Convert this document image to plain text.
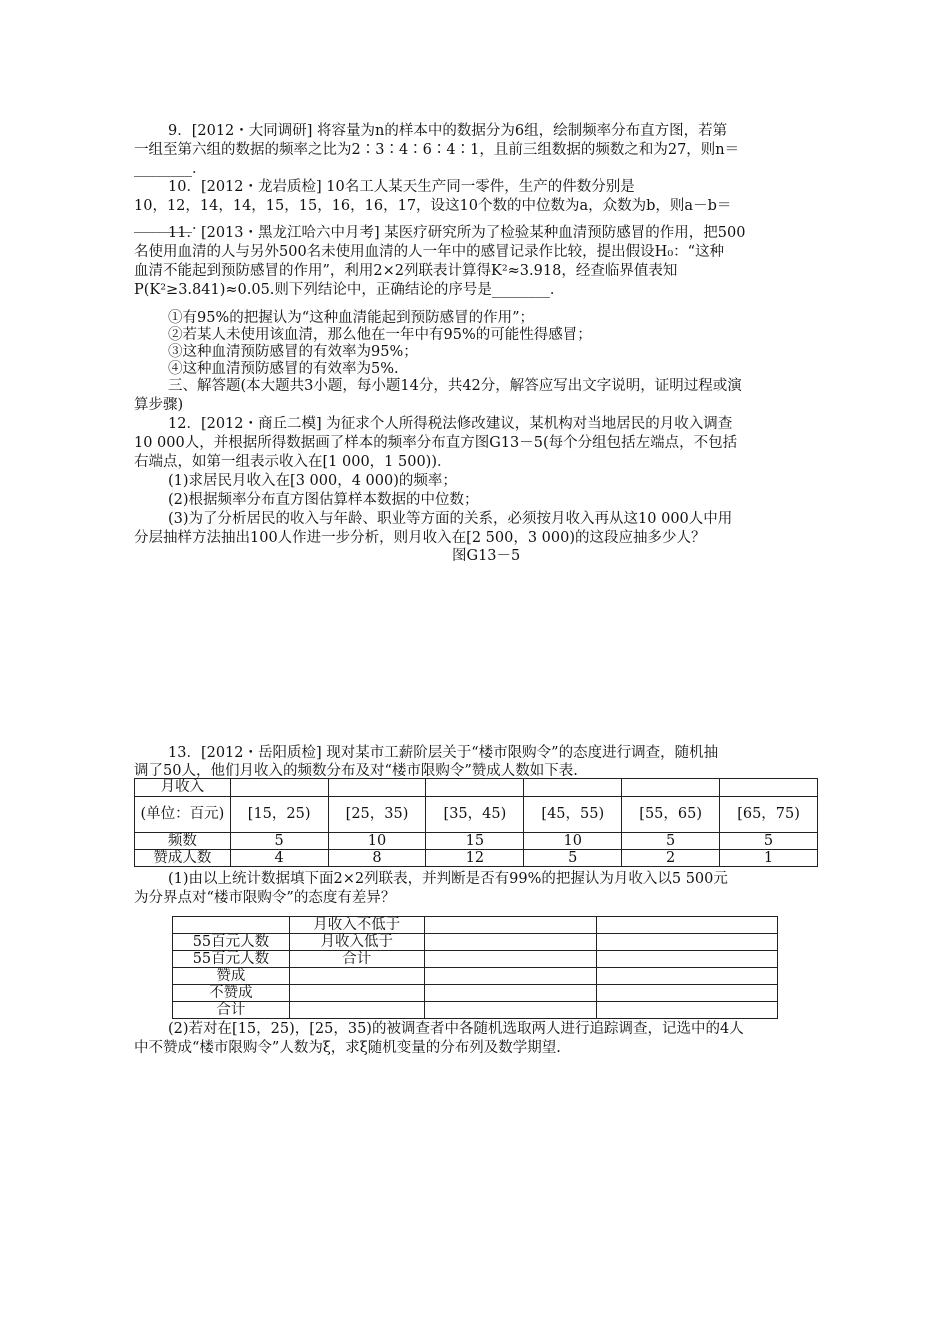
9．[2012・大同调研] 将容量为n的样本中的数据分为6组，绘制频率分布直方图，若第
一组至第六组的数据的频率之比为2∶3∶4∶6∶4∶1，且前三组数据的频数之和为27，则n＝
________．
10．[2012・龙岩质检] 10名工人某天生产同一零件，生产的件数分别是
10，12，14，14，15，15，16，16，17，设这10个数的中位数为a，众数为b，则a－b＝
________．
11．[2013・黑龙江哈六中月考] 某医疗研究所为了检验某种血清预防感冒的作用，把500
名使用血清的人与另外500名未使用血清的人一年中的感冒记录作比较，提出假设H₀：“这种
血清不能起到预防感冒的作用”，利用2×2列联表计算得K²≈3.918，经查临界值表知
P(K²≥3.841)≈0.05.则下列结论中，正确结论的序号是________．
①有95%的把握认为“这种血清能起到预防感冒的作用”；
②若某人未使用该血清，那么他在一年中有95%的可能性得感冒；
③这种血清预防感冒的有效率为95%；
④这种血清预防感冒的有效率为5%.
三、解答题(本大题共3小题，每小题14分，共42分，解答应写出文字说明，证明过程或演
算步骤)
12．[2012・商丘二模] 为征求个人所得税法修改建议，某机构对当地居民的月收入调查
10 000人，并根据所得数据画了样本的频率分布直方图G13－5(每个分组包括左端点，不包括
右端点，如第一组表示收入在[1 000，1 500))．
(1)求居民月收入在[3 000，4 000)的频率；
(2)根据频率分布直方图估算样本数据的中位数；
(3)为了分析居民的收入与年龄、职业等方面的关系，必须按月收入再从这10 000人中用
分层抽样方法抽出100人作进一步分析，则月收入在[2 500，3 000)的这段应抽多少人？
图G13－5
13．[2012・岳阳质检] 现对某市工薪阶层关于“楼市限购令”的态度进行调查，随机抽
调了50人，他们月收入的频数分布及对“楼市限购令”赞成人数如下表.
月收入						
(单位：百元)	[15，25)	[25，35)	[35，45)	[45，55)	[55，65)	[65，75)
频数	5	10	15	10	5	5
赞成人数	4	8	12	5	2	1
(1)由以上统计数据填下面2×2列联表，并判断是否有99%的把握认为月收入以5 500元
为分界点对“楼市限购令”的态度有差异？
	月收入不低于		
55百元人数	月收入低于		
55百元人数	合计		
赞成			
不赞成			
合计			
(2)若对在[15，25)，[25，35)的被调查者中各随机选取两人进行追踪调查，记选中的4人
中不赞成“楼市限购令”人数为ξ，求ξ随机变量的分布列及数学期望.
